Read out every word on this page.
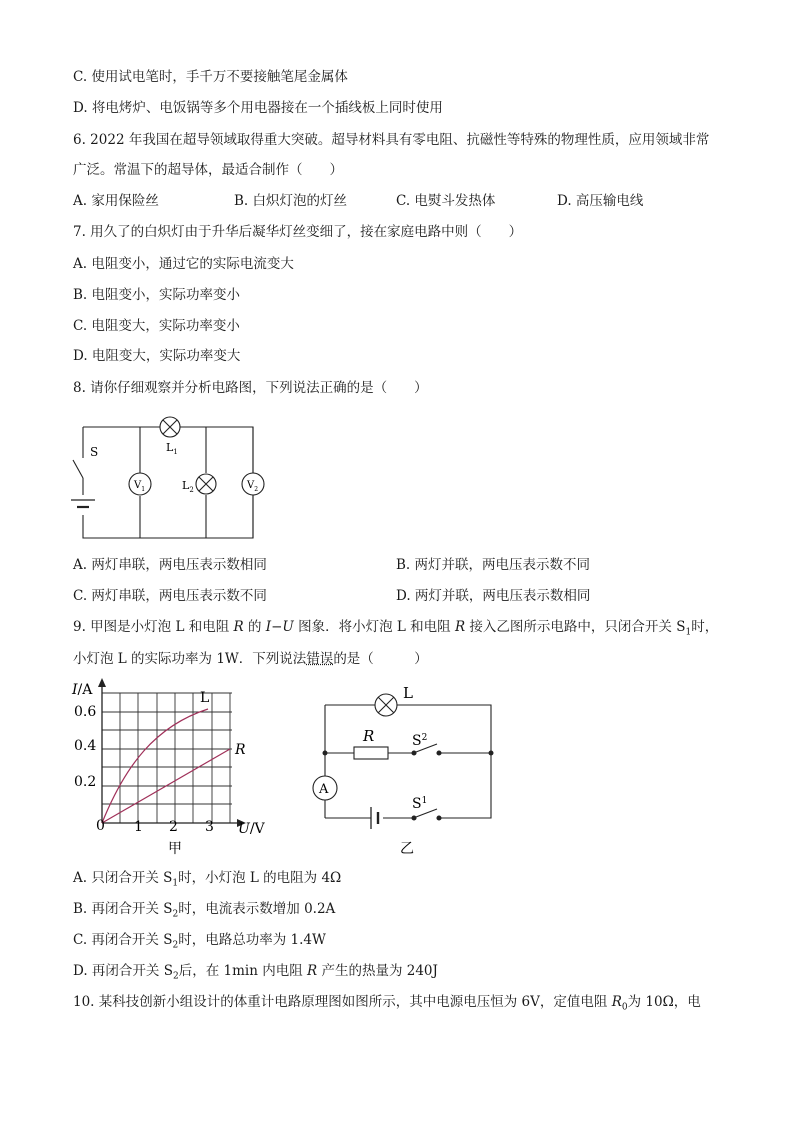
C. 使用试电笔时，手千万不要接触笔尾金属体
D. 将电烤炉、电饭锅等多个用电器接在一个插线板上同时使用
6. 2022 年我国在超导领域取得重大突破。超导材料具有零电阻、抗磁性等特殊的物理性质，应用领域非常
广泛。常温下的超导体，最适合制作（　　）
A. 家用保险丝	B. 白炽灯泡的灯丝	C. 电熨斗发热体	D. 高压输电线
7. 用久了的白炽灯由于升华后凝华灯丝变细了，接在家庭电路中则（　　）
A. 电阻变小，通过它的实际电流变大
B. 电阻变小，实际功率变小
C. 电阻变大，实际功率变小
D. 电阻变大，实际功率变大
8. 请你仔细观察并分析电路图，下列说法正确的是（　　）
S	$L_1$
$L_2$
$V_1$	$V_2$
A. 两灯串联，两电压表示数相同	B. 两灯并联，两电压表示数不同
C. 两灯串联，两电压表示数不同	D. 两灯并联，两电压表示数相同
9. 甲图是小灯泡 L 和电阻 R 的 I−U 图象．将小灯泡 L 和电阻 R 接入乙图所示电路中，只闭合开关 $S_1$时，
小灯泡 L 的实际功率为 1W．下列说法错误的是（　　　）
I/A
0.6
0.4
0.2
0 1 2 3 U/V
L
R
甲
L
R	$S^2$
$S^1$
A
乙
A. 只闭合开关 $S_1$时，小灯泡 L 的电阻为 4Ω
B. 再闭合开关 $S_2$时，电流表示数增加 0.2A
C. 再闭合开关 $S_2$时，电路总功率为 1.4W
D. 再闭合开关 $S_2$后，在 1min 内电阻 R 产生的热量为 240J
10. 某科技创新小组设计的体重计电路原理图如图所示，其中电源电压恒为 6V，定值电阻 $R_0$为 10Ω，电
